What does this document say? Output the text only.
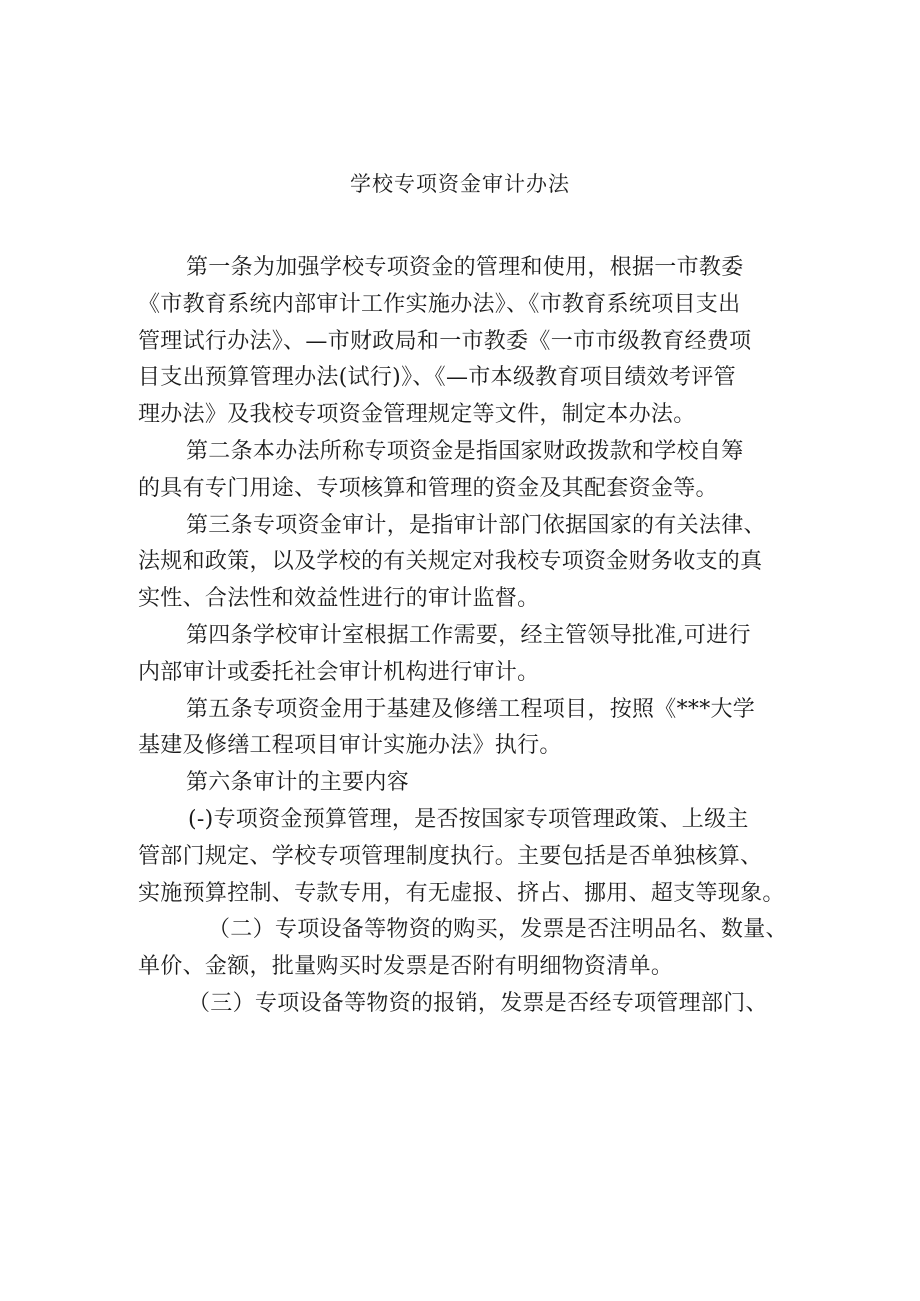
学校专项资金审计办法

第一条为加强学校专项资金的管理和使用，根据一市教委
《市教育系统内部审计工作实施办法》、《市教育系统项目支出
管理试行办法》、—市财政局和一市教委《一市市级教育经费项
目支出预算管理办法(试行)》、《—市本级教育项目绩效考评管
理办法》及我校专项资金管理规定等文件，制定本办法。

第二条本办法所称专项资金是指国家财政拨款和学校自筹
的具有专门用途、专项核算和管理的资金及其配套资金等。

第三条专项资金审计，是指审计部门依据国家的有关法律、
法规和政策，以及学校的有关规定对我校专项资金财务收支的真
实性、合法性和效益性进行的审计监督。

第四条学校审计室根据工作需要，经主管领导批准,可进行
内部审计或委托社会审计机构进行审计。

第五条专项资金用于基建及修缮工程项目，按照《***大学
基建及修缮工程项目审计实施办法》执行。

第六条审计的主要内容

(-)专项资金预算管理，是否按国家专项管理政策、上级主
管部门规定、学校专项管理制度执行。主要包括是否单独核算、
实施预算控制、专款专用，有无虚报、挤占、挪用、超支等现象。

（二）专项设备等物资的购买，发票是否注明品名、数量、
单价、金额，批量购买时发票是否附有明细物资清单。

（三）专项设备等物资的报销，发票是否经专项管理部门、
